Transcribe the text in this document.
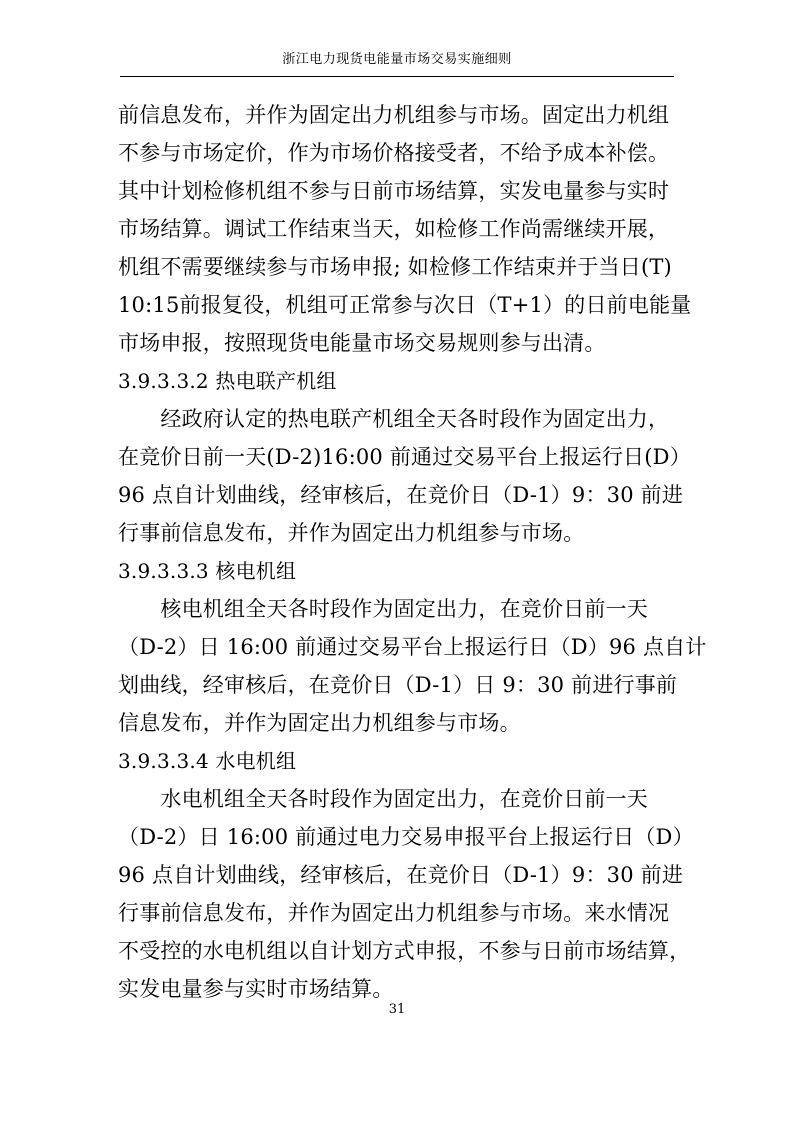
浙江电力现货电能量市场交易实施细则

前信息发布，并作为固定出力机组参与市场。固定出力机组

不参与市场定价，作为市场价格接受者，不给予成本补偿。

其中计划检修机组不参与日前市场结算，实发电量参与实时

市场结算。调试工作结束当天，如检修工作尚需继续开展，

机组不需要继续参与市场申报; 如检修工作结束并于当日(T)

10:15前报复役，机组可正常参与次日（T+1）的日前电能量

市场申报，按照现货电能量市场交易规则参与出清。

3.9.3.3.2 热电联产机组

　　经政府认定的热电联产机组全天各时段作为固定出力，

在竞价日前一天(D-2)16:00 前通过交易平台上报运行日(D）

96 点自计划曲线，经审核后，在竞价日（D-1）9：30 前进

行事前信息发布，并作为固定出力机组参与市场。

3.9.3.3.3 核电机组

　　核电机组全天各时段作为固定出力，在竞价日前一天

（D-2）日 16:00 前通过交易平台上报运行日（D）96 点自计

划曲线，经审核后，在竞价日（D-1）日 9：30 前进行事前

信息发布，并作为固定出力机组参与市场。

3.9.3.3.4 水电机组

　　水电机组全天各时段作为固定出力，在竞价日前一天

（D-2）日 16:00 前通过电力交易申报平台上报运行日（D）

96 点自计划曲线，经审核后，在竞价日（D-1）9：30 前进

行事前信息发布，并作为固定出力机组参与市场。来水情况

不受控的水电机组以自计划方式申报，不参与日前市场结算，

实发电量参与实时市场结算。

31
